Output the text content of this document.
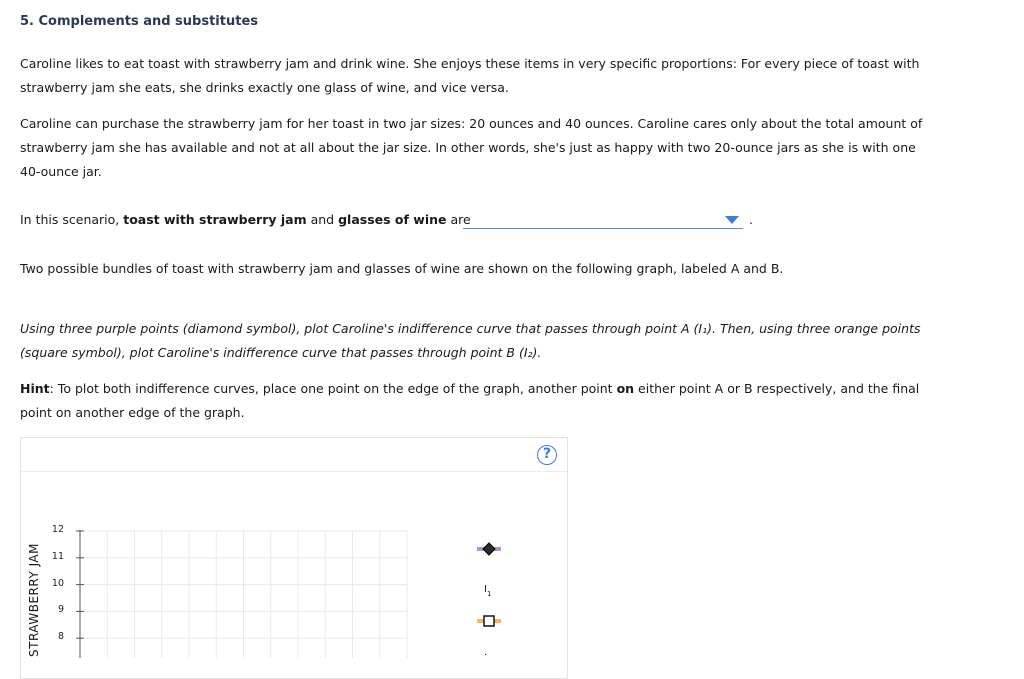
5. Complements and substitutes
Caroline likes to eat toast with strawberry jam and drink wine. She enjoys these items in very specific proportions: For every piece of toast with strawberry jam she eats, she drinks exactly one glass of wine, and vice versa.
Caroline can purchase the strawberry jam for her toast in two jar sizes: 20 ounces and 40 ounces. Caroline cares only about the total amount of strawberry jam she has available and not at all about the jar size. In other words, she's just as happy with two 20-ounce jars as she is with one 40-ounce jar.
In this scenario, toast with strawberry jam and glasses of wine are	.
Two possible bundles of toast with strawberry jam and glasses of wine are shown on the following graph, labeled A and B.
Using three purple points (diamond symbol), plot Caroline's indifference curve that passes through point A (I₁). Then, using three orange points (square symbol), plot Caroline's indifference curve that passes through point B (I₂).
Hint: To plot both indifference curves, place one point on the edge of the graph, another point on either point A or B respectively, and the final point on another edge of the graph.
?
I 1
·
STRAWBERRY JAM
12
11
10
9
8
